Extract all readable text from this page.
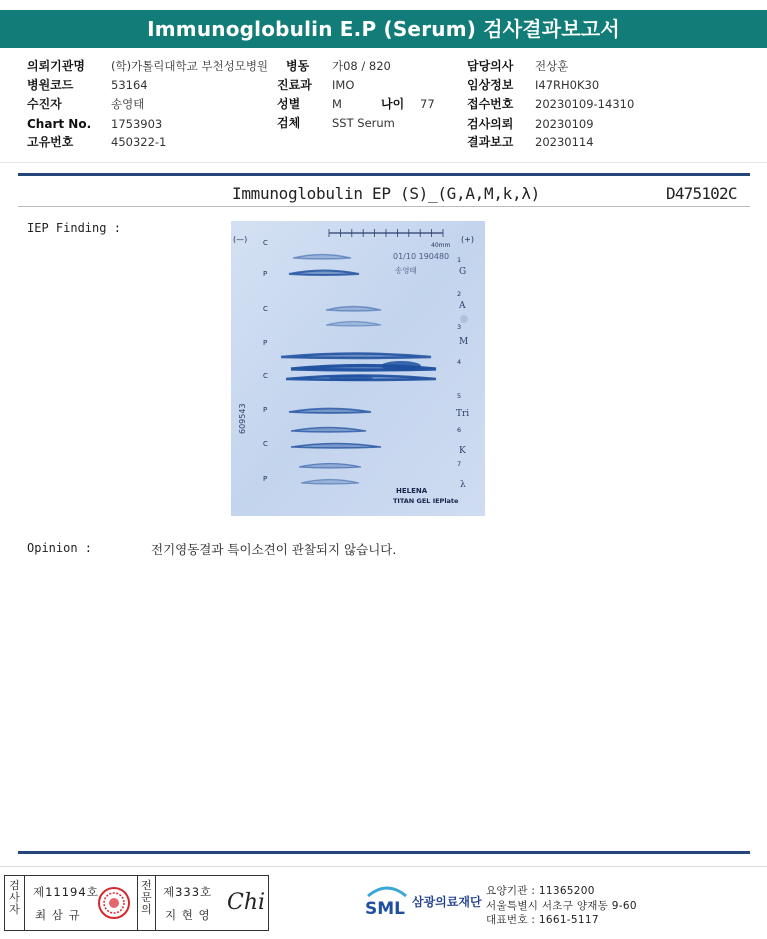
Immunoglobulin E.P (Serum) 검사결과보고서
의뢰기관명 (학)가톨릭대학교 부천성모병원
병원코드	53164
수진자	송영태
Chart No. 1753903
고유번호	450322-1
병동 가08 / 820
진료과 IMO
성별	M	나이 77
검체	SST Serum
담당의사 전상훈
임상정보 I47RH0K30
접수번호 20230109-14310
검사의뢰 20230109
결과보고 20230114
Immunoglobulin EP (S)_(G,A,M,k,λ)	D475102C
IEP Finding :
40mm
(—)	(+)
01/10 190480
송영태
609543
C
P
C
P
C
P
C
P
1
2
3
4
5
6
7
G
A
M
Tri
K
λ
HELENA
TITAN GEL IEPlate
Opinion :	전기영동결과 특이소견이 관찰되지 않습니다.
검
사
자
제11194호
최 삼 규
전
문
의
제333호
지 현 영 Chi	SML 삼광의료재단
요양기관 : 11365200
서울특별시 서초구 양재동 9-60
대표번호 : 1661-5117
